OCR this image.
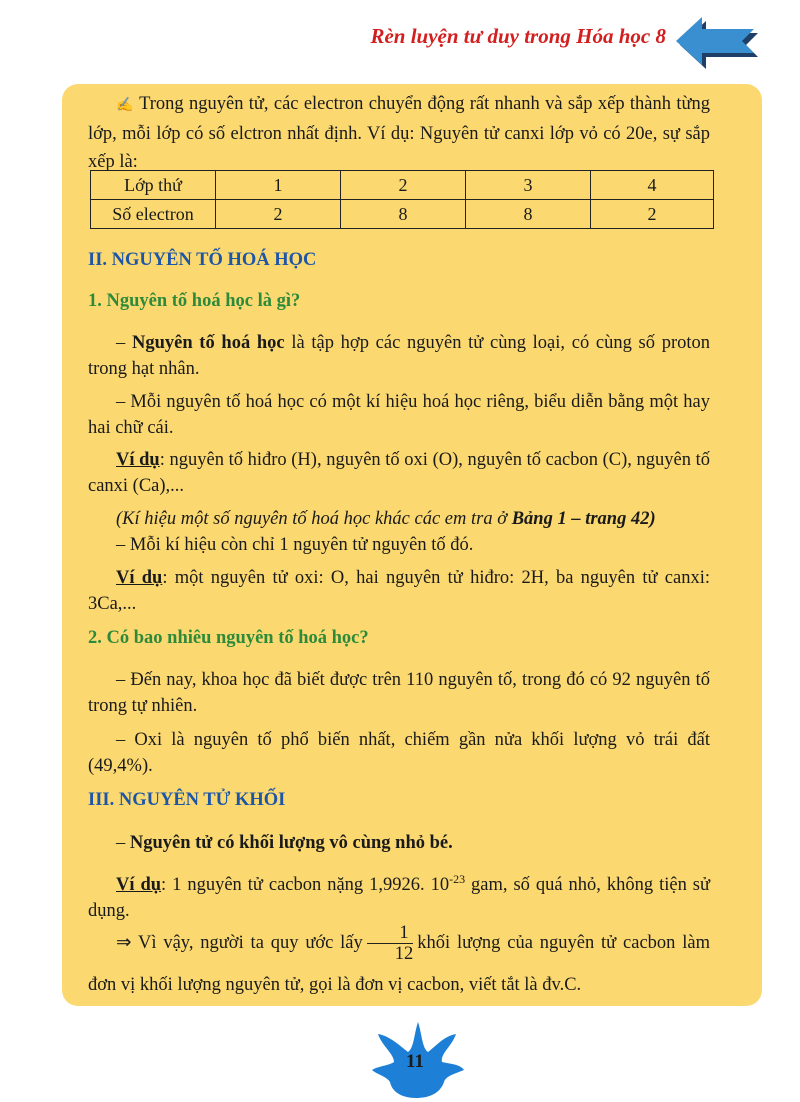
Rèn luyện tư duy trong Hóa học 8
✍ Trong nguyên tử, các electron chuyển động rất nhanh và sắp xếp thành từng lớp, mỗi lớp có số elctron nhất định. Ví dụ: Nguyên tử canxi lớp vỏ có 20e, sự sắp xếp là:
Lớp thứ	1	2	3	4
Số electron	2	8	8	2
II. NGUYÊN TỐ HOÁ HỌC
1. Nguyên tố hoá học là gì?
– Nguyên tố hoá học là tập hợp các nguyên tử cùng loại, có cùng số proton trong hạt nhân.
– Mỗi nguyên tố hoá học có một kí hiệu hoá học riêng, biểu diễn bằng một hay hai chữ cái.
Ví dụ: nguyên tố hiđro (H), nguyên tố oxi (O), nguyên tố cacbon (C), nguyên tố canxi (Ca),...
(Kí hiệu một số nguyên tố hoá học khác các em tra ở Bảng 1 – trang 42)
– Mỗi kí hiệu còn chỉ 1 nguyên tử nguyên tố đó.
Ví dụ: một nguyên tử oxi: O, hai nguyên tử hiđro: 2H, ba nguyên tử canxi: 3Ca,...
2. Có bao nhiêu nguyên tố hoá học?
– Đến nay, khoa học đã biết được trên 110 nguyên tố, trong đó có 92 nguyên tố trong tự nhiên.
– Oxi là nguyên tố phổ biến nhất, chiếm gần nửa khối lượng vỏ trái đất (49,4%).
III. NGUYÊN TỬ KHỐI
– Nguyên tử có khối lượng vô cùng nhỏ bé.
Ví dụ: 1 nguyên tử cacbon nặng 1,9926. $10^{-23}$ gam, số quá nhỏ, không tiện sử dụng.
⇒ Vì vậy, người ta quy ước lấy $\frac{1}{12}$ khối lượng của nguyên tử cacbon làm đơn vị khối lượng nguyên tử, gọi là đơn vị cacbon, viết tắt là đv.C.
11
